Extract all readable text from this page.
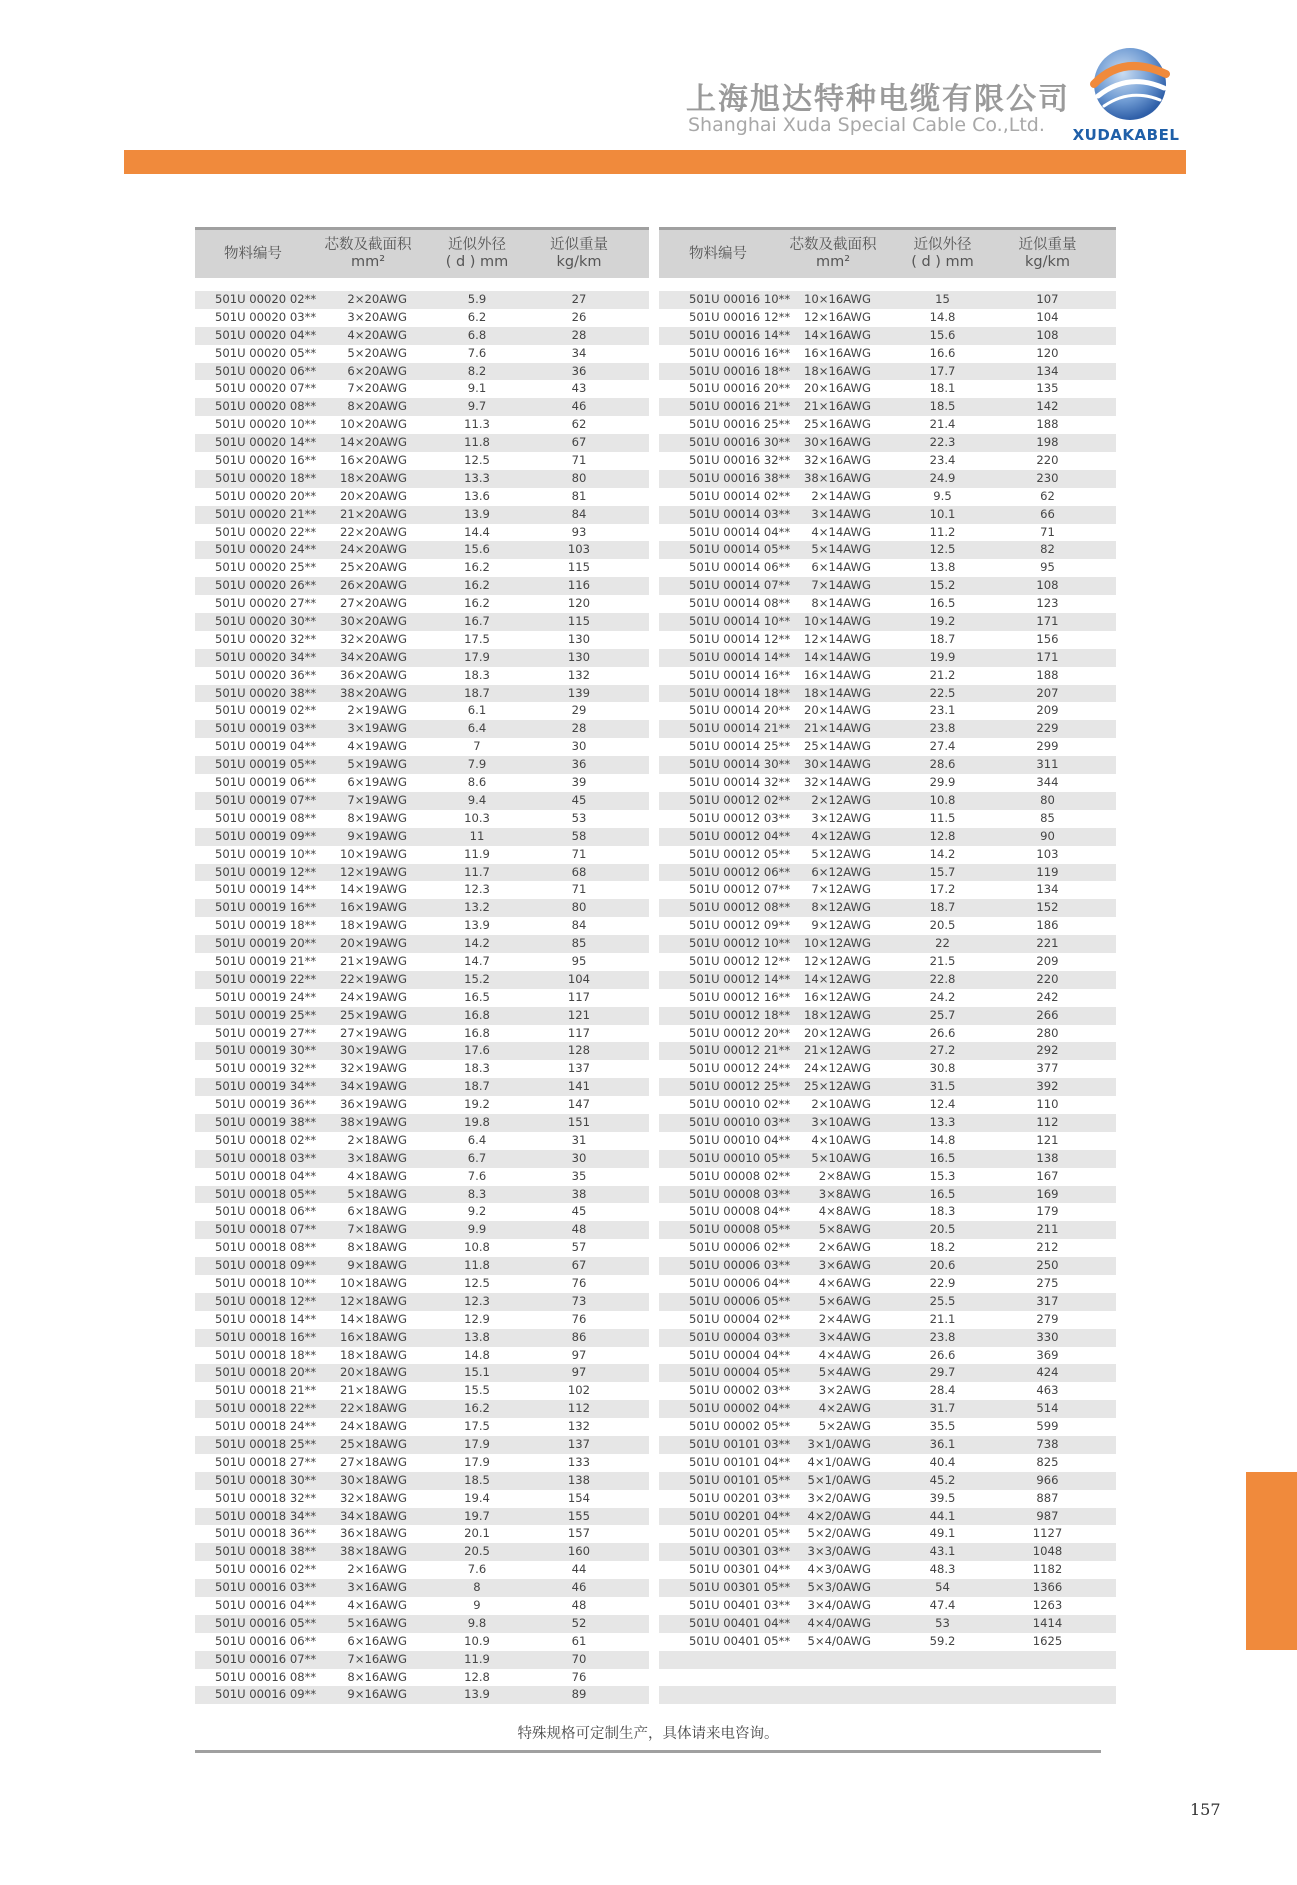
上海旭达特种电缆有限公司
Shanghai Xuda Special Cable Co.,Ltd.	XUDAKABEL
物料编号
芯数及截面积
mm²
近似外径
( d ) mm
近似重量
kg/km
501U 00020 02**	2×20AWG	5.9	27
501U 00020 03**	3×20AWG	6.2	26
501U 00020 04**	4×20AWG	6.8	28
501U 00020 05**	5×20AWG	7.6	34
501U 00020 06**	6×20AWG	8.2	36
501U 00020 07**	7×20AWG	9.1	43
501U 00020 08**	8×20AWG	9.7	46
501U 00020 10**	10×20AWG	11.3	62
501U 00020 14**	14×20AWG	11.8	67
501U 00020 16**	16×20AWG	12.5	71
501U 00020 18**	18×20AWG	13.3	80
501U 00020 20**	20×20AWG	13.6	81
501U 00020 21**	21×20AWG	13.9	84
501U 00020 22**	22×20AWG	14.4	93
501U 00020 24**	24×20AWG	15.6	103
501U 00020 25**	25×20AWG	16.2	115
501U 00020 26**	26×20AWG	16.2	116
501U 00020 27**	27×20AWG	16.2	120
501U 00020 30**	30×20AWG	16.7	115
501U 00020 32**	32×20AWG	17.5	130
501U 00020 34**	34×20AWG	17.9	130
501U 00020 36**	36×20AWG	18.3	132
501U 00020 38**	38×20AWG	18.7	139
501U 00019 02**	2×19AWG	6.1	29
501U 00019 03**	3×19AWG	6.4	28
501U 00019 04**	4×19AWG	7	30
501U 00019 05**	5×19AWG	7.9	36
501U 00019 06**	6×19AWG	8.6	39
501U 00019 07**	7×19AWG	9.4	45
501U 00019 08**	8×19AWG	10.3	53
501U 00019 09**	9×19AWG	11	58
501U 00019 10**	10×19AWG	11.9	71
501U 00019 12**	12×19AWG	11.7	68
501U 00019 14**	14×19AWG	12.3	71
501U 00019 16**	16×19AWG	13.2	80
501U 00019 18**	18×19AWG	13.9	84
501U 00019 20**	20×19AWG	14.2	85
501U 00019 21**	21×19AWG	14.7	95
501U 00019 22**	22×19AWG	15.2	104
501U 00019 24**	24×19AWG	16.5	117
501U 00019 25**	25×19AWG	16.8	121
501U 00019 27**	27×19AWG	16.8	117
501U 00019 30**	30×19AWG	17.6	128
501U 00019 32**	32×19AWG	18.3	137
501U 00019 34**	34×19AWG	18.7	141
501U 00019 36**	36×19AWG	19.2	147
501U 00019 38**	38×19AWG	19.8	151
501U 00018 02**	2×18AWG	6.4	31
501U 00018 03**	3×18AWG	6.7	30
501U 00018 04**	4×18AWG	7.6	35
501U 00018 05**	5×18AWG	8.3	38
501U 00018 06**	6×18AWG	9.2	45
501U 00018 07**	7×18AWG	9.9	48
501U 00018 08**	8×18AWG	10.8	57
501U 00018 09**	9×18AWG	11.8	67
501U 00018 10**	10×18AWG	12.5	76
501U 00018 12**	12×18AWG	12.3	73
501U 00018 14**	14×18AWG	12.9	76
501U 00018 16**	16×18AWG	13.8	86
501U 00018 18**	18×18AWG	14.8	97
501U 00018 20**	20×18AWG	15.1	97
501U 00018 21**	21×18AWG	15.5	102
501U 00018 22**	22×18AWG	16.2	112
501U 00018 24**	24×18AWG	17.5	132
501U 00018 25**	25×18AWG	17.9	137
501U 00018 27**	27×18AWG	17.9	133
501U 00018 30**	30×18AWG	18.5	138
501U 00018 32**	32×18AWG	19.4	154
501U 00018 34**	34×18AWG	19.7	155
501U 00018 36**	36×18AWG	20.1	157
501U 00018 38**	38×18AWG	20.5	160
501U 00016 02**	2×16AWG	7.6	44
501U 00016 03**	3×16AWG	8	46
501U 00016 04**	4×16AWG	9	48
501U 00016 05**	5×16AWG	9.8	52
501U 00016 06**	6×16AWG	10.9	61
501U 00016 07**	7×16AWG	11.9	70
501U 00016 08**	8×16AWG	12.8	76
501U 00016 09**	9×16AWG	13.9	89
物料编号
芯数及截面积
mm²
近似外径
( d ) mm
近似重量
kg/km
501U 00016 10**	10×16AWG	15	107
501U 00016 12**	12×16AWG	14.8	104
501U 00016 14**	14×16AWG	15.6	108
501U 00016 16**	16×16AWG	16.6	120
501U 00016 18**	18×16AWG	17.7	134
501U 00016 20**	20×16AWG	18.1	135
501U 00016 21**	21×16AWG	18.5	142
501U 00016 25**	25×16AWG	21.4	188
501U 00016 30**	30×16AWG	22.3	198
501U 00016 32**	32×16AWG	23.4	220
501U 00016 38**	38×16AWG	24.9	230
501U 00014 02**	2×14AWG	9.5	62
501U 00014 03**	3×14AWG	10.1	66
501U 00014 04**	4×14AWG	11.2	71
501U 00014 05**	5×14AWG	12.5	82
501U 00014 06**	6×14AWG	13.8	95
501U 00014 07**	7×14AWG	15.2	108
501U 00014 08**	8×14AWG	16.5	123
501U 00014 10**	10×14AWG	19.2	171
501U 00014 12**	12×14AWG	18.7	156
501U 00014 14**	14×14AWG	19.9	171
501U 00014 16**	16×14AWG	21.2	188
501U 00014 18**	18×14AWG	22.5	207
501U 00014 20**	20×14AWG	23.1	209
501U 00014 21**	21×14AWG	23.8	229
501U 00014 25**	25×14AWG	27.4	299
501U 00014 30**	30×14AWG	28.6	311
501U 00014 32**	32×14AWG	29.9	344
501U 00012 02**	2×12AWG	10.8	80
501U 00012 03**	3×12AWG	11.5	85
501U 00012 04**	4×12AWG	12.8	90
501U 00012 05**	5×12AWG	14.2	103
501U 00012 06**	6×12AWG	15.7	119
501U 00012 07**	7×12AWG	17.2	134
501U 00012 08**	8×12AWG	18.7	152
501U 00012 09**	9×12AWG	20.5	186
501U 00012 10**	10×12AWG	22	221
501U 00012 12**	12×12AWG	21.5	209
501U 00012 14**	14×12AWG	22.8	220
501U 00012 16**	16×12AWG	24.2	242
501U 00012 18**	18×12AWG	25.7	266
501U 00012 20**	20×12AWG	26.6	280
501U 00012 21**	21×12AWG	27.2	292
501U 00012 24**	24×12AWG	30.8	377
501U 00012 25**	25×12AWG	31.5	392
501U 00010 02**	2×10AWG	12.4	110
501U 00010 03**	3×10AWG	13.3	112
501U 00010 04**	4×10AWG	14.8	121
501U 00010 05**	5×10AWG	16.5	138
501U 00008 02**	2×8AWG	15.3	167
501U 00008 03**	3×8AWG	16.5	169
501U 00008 04**	4×8AWG	18.3	179
501U 00008 05**	5×8AWG	20.5	211
501U 00006 02**	2×6AWG	18.2	212
501U 00006 03**	3×6AWG	20.6	250
501U 00006 04**	4×6AWG	22.9	275
501U 00006 05**	5×6AWG	25.5	317
501U 00004 02**	2×4AWG	21.1	279
501U 00004 03**	3×4AWG	23.8	330
501U 00004 04**	4×4AWG	26.6	369
501U 00004 05**	5×4AWG	29.7	424
501U 00002 03**	3×2AWG	28.4	463
501U 00002 04**	4×2AWG	31.7	514
501U 00002 05**	5×2AWG	35.5	599
501U 00101 03**	3×1/0AWG	36.1	738
501U 00101 04**	4×1/0AWG	40.4	825
501U 00101 05**	5×1/0AWG	45.2	966
501U 00201 03**	3×2/0AWG	39.5	887
501U 00201 04**	4×2/0AWG	44.1	987
501U 00201 05**	5×2/0AWG	49.1	1127
501U 00301 03**	3×3/0AWG	43.1	1048
501U 00301 04**	4×3/0AWG	48.3	1182
501U 00301 05**	5×3/0AWG	54	1366
501U 00401 03**	3×4/0AWG	47.4	1263
501U 00401 04**	4×4/0AWG	53	1414
501U 00401 05**	5×4/0AWG	59.2	1625
特殊规格可定制生产，具体请来电咨询。
157
